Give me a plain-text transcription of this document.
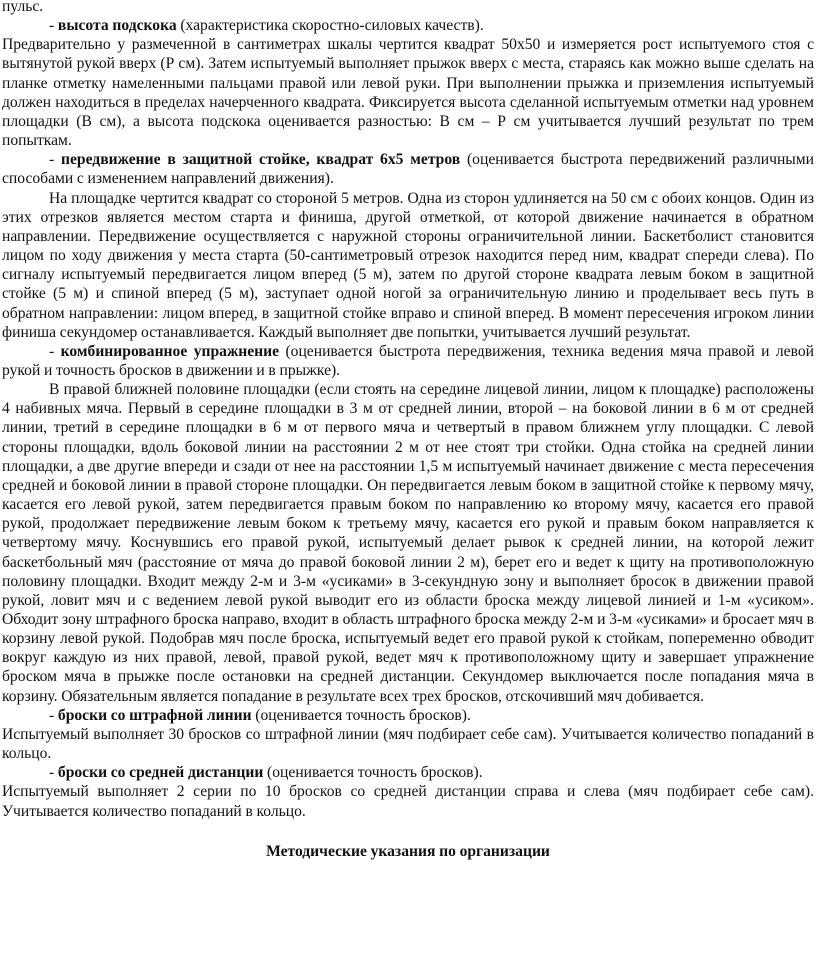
пульс.

- высота подскока (характеристика скоростно-силовых качеств).

Предварительно у размеченной в сантиметрах шкалы чертится квадрат 50х50 и измеряется рост испытуемого стоя с вытянутой рукой вверх (Р см). Затем испытуемый выполняет прыжок вверх с места, стараясь как можно выше сделать на планке отметку намеленными пальцами правой или левой руки. При выполнении прыжка и приземления испытуемый должен находиться в пределах начерченного квадрата. Фиксируется высота сделанной испытуемым отметки над уровнем площадки (В см), а высота подскока оценивается разностью: В см – Р см учитывается лучший результат по трем попыткам.

- передвижение в защитной стойке, квадрат 6х5 метров (оценивается быстрота передвижений различными способами с изменением направлений движения).

На площадке чертится квадрат со стороной 5 метров. Одна из сторон удлиняется на 50 см с обоих концов. Один из этих отрезков является местом старта и финиша, другой отметкой, от которой движение начинается в обратном направлении. Передвижение осуществляется с наружной стороны ограничительной линии. Баскетболист становится лицом по ходу движения у места старта (50-сантиметровый отрезок находится перед ним, квадрат спереди слева). По сигналу испытуемый передвигается лицом вперед (5 м), затем по другой стороне квадрата левым боком в защитной стойке (5 м) и спиной вперед (5 м), заступает одной ногой за ограничительную линию и проделывает весь путь в обратном направлении: лицом вперед, в защитной стойке вправо и спиной вперед. В момент пересечения игроком линии финиша секундомер останавливается. Каждый выполняет две попытки, учитывается лучший результат.

- комбинированное упражнение (оценивается быстрота передвижения, техника ведения мяча правой и левой рукой и точность бросков в движении и в прыжке).

В правой ближней половине площадки (если стоять на середине лицевой линии, лицом к площадке) расположены 4 набивных мяча. Первый в середине площадки в 3 м от средней линии, второй – на боковой линии в 6 м от средней линии, третий в середине площадки в 6 м от первого мяча и четвертый в правом ближнем углу площадки. С левой стороны площадки, вдоль боковой линии на расстоянии 2 м от нее стоят три стойки. Одна стойка на средней линии площадки, а две другие впереди и сзади от нее на расстоянии 1,5 м испытуемый начинает движение с места пересечения средней и боковой линии в правой стороне площадки. Он передвигается левым боком в защитной стойке к первому мячу, касается его левой рукой, затем передвигается правым боком по направлению ко второму мячу, касается его правой рукой, продолжает передвижение левым боком к третьему мячу, касается его рукой и правым боком направляется к четвертому мячу. Коснувшись его правой рукой, испытуемый делает рывок к средней линии, на которой лежит баскетбольный мяч (расстояние от мяча до правой боковой линии 2 м), берет его и ведет к щиту на противоположную половину площадки. Входит между 2-м и 3-м «усиками» в 3-секундную зону и выполняет бросок в движении правой рукой, ловит мяч и с ведением левой рукой выводит его из области броска между лицевой линией и 1-м «усиком». Обходит зону штрафного броска направо, входит в область штрафного броска между 2-м и 3-м «усиками» и бросает мяч в корзину левой рукой. Подобрав мяч после броска, испытуемый ведет его правой рукой к стойкам, попеременно обводит вокруг каждую из них правой, левой, правой рукой, ведет мяч к противоположному щиту и завершает упражнение броском мяча в прыжке после остановки на средней дистанции. Секундомер выключается после попадания мяча в корзину. Обязательным является попадание в результате всех трех бросков, отскочивший мяч добивается.

- броски со штрафной линии (оценивается точность бросков).

Испытуемый выполняет 30 бросков со штрафной линии (мяч подбирает себе сам). Учитывается количество попаданий в кольцо.

- броски со средней дистанции (оценивается точность бросков).

Испытуемый выполняет 2 серии по 10 бросков со средней дистанции справа и слева (мяч подбирает себе сам). Учитывается количество попаданий в кольцо.

Методические указания по организации
